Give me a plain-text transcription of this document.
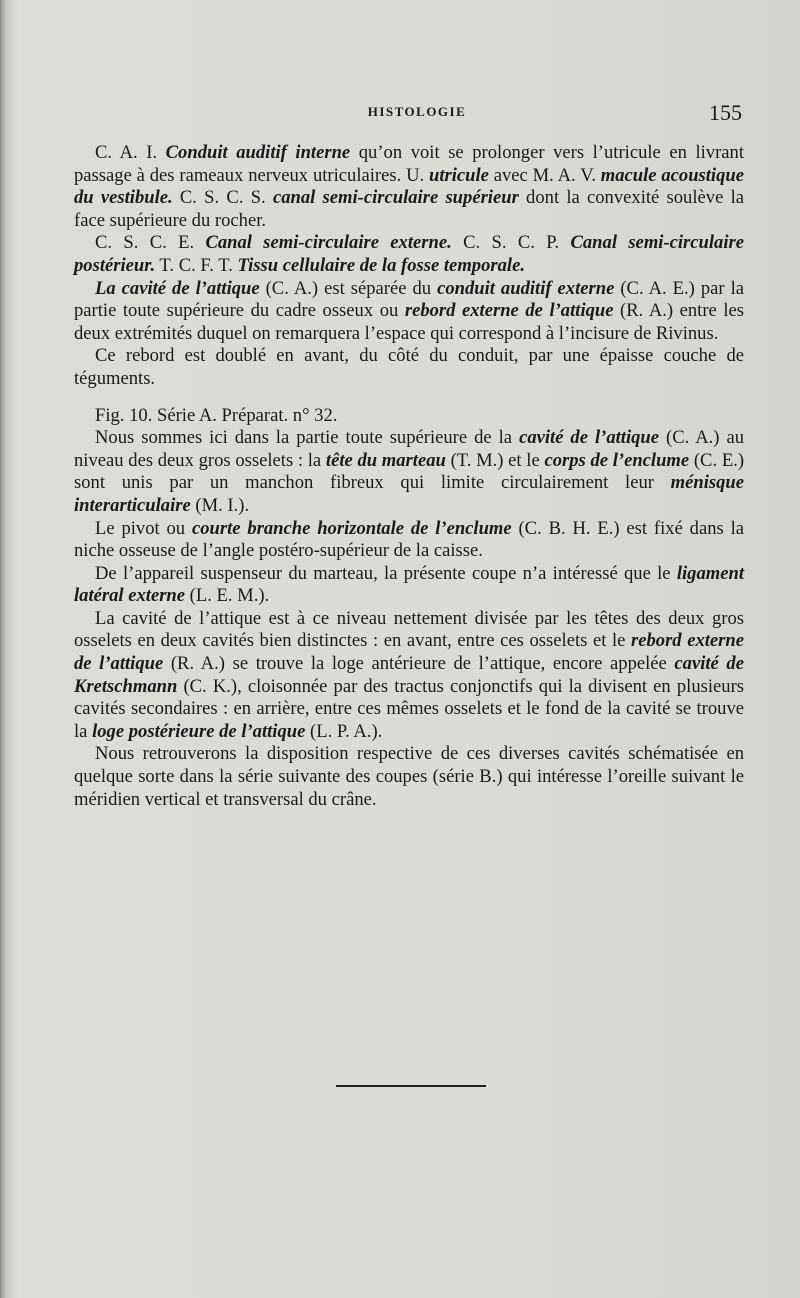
HISTOLOGIE	155

C. A. I. Conduit auditif interne qu’on voit se prolonger vers l’utricule en livrant passage à des rameaux nerveux utriculaires. U. utricule avec M. A. V. macule acoustique du vestibule. C. S. C. S. canal semi-circulaire supérieur dont la convexité soulève la face supérieure du rocher.

C. S. C. E. Canal semi-circulaire externe. C. S. C. P. Canal semi-circulaire postérieur. T. C. F. T. Tissu cellulaire de la fosse temporale.

La cavité de l’attique (C. A.) est séparée du conduit auditif externe (C. A. E.) par la partie toute supérieure du cadre osseux ou rebord externe de l’attique (R. A.) entre les deux extrémités duquel on remarquera l’espace qui correspond à l’incisure de Rivinus.

Ce rebord est doublé en avant, du côté du conduit, par une épaisse couche de téguments.

Fig. 10. Série A. Préparat. n° 32.

Nous sommes ici dans la partie toute supérieure de la cavité de l’attique (C. A.) au niveau des deux gros osselets : la tête du marteau (T. M.) et le corps de l’enclume (C. E.) sont unis par un manchon fibreux qui limite circulairement leur ménisque interarticulaire (M. I.).

Le pivot ou courte branche horizontale de l’enclume (C. B. H. E.) est fixé dans la niche osseuse de l’angle postéro-supérieur de la caisse.

De l’appareil suspenseur du marteau, la présente coupe n’a intéressé que le ligament latéral externe (L. E. M.).

La cavité de l’attique est à ce niveau nettement divisée par les têtes des deux gros osselets en deux cavités bien distinctes : en avant, entre ces osselets et le rebord externe de l’attique (R. A.) se trouve la loge antérieure de l’attique, encore appelée cavité de Kretschmann (C. K.), cloisonnée par des tractus conjonctifs qui la divisent en plusieurs cavités secondaires : en arrière, entre ces mêmes osselets et le fond de la cavité se trouve la loge postérieure de l’attique (L. P. A.).

Nous retrouverons la disposition respective de ces diverses cavités schématisée en quelque sorte dans la série suivante des coupes (série B.) qui intéresse l’oreille suivant le méridien vertical et transversal du crâne.
